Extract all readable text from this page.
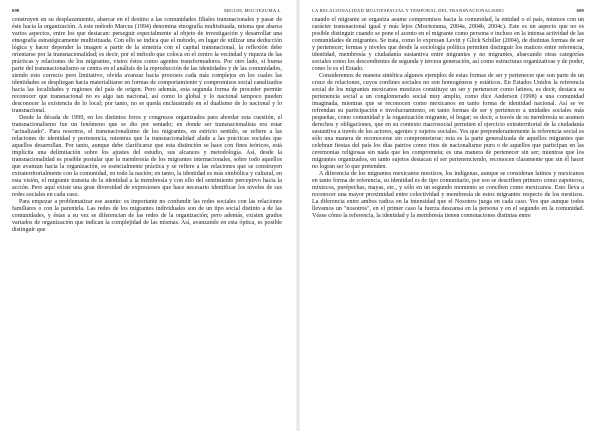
698	MIGUEL MOCTEZUMA L.

construyen en su desplazamiento, abarcar en el destino a las comunidades filiales transnacionales y pasar de éste hacia la organización. A este método Marcus (1994) denomina etnografía multisituada, misma que abarca varios aspectos, entre los que destacan: perseguir especialmente al objeto de investigación y desarrollar una etnografía estratégicamente multisituada. Con ello se indica que el método, en lugar de utilizar una deducción lógica y hacer depender la imagen a partir de la simetría con el capital transnacional, la reflexión debe orientarse por la transnacionalidad; es decir, por el método que coloca en el centro la vecindad y riqueza de las prácticas y relaciones de los migrantes, vistos éstos como agentes transformadores. Por otro lado, si buena parte del transnacionalismo se centra en el análisis de la reproducción de las identidades y de las comunidades, siendo esto correcto pero limitativo, olvida avanzar hacia procesos cada más complejos en los cuales las identidades se despliegan hacia materialitarse en formas de comportamiento y compromisos social canalizados hacia las localidades y regiones del país de origen. Pero además, esta segunda forma de proceder permite reconocer que transnacional no es algo tan nacional, así como lo global y lo nacional tampoco pueden desconocer la existencia de lo local; por tanto, no se queda enclaustrado en el dualismo de lo nacional y lo transnacional.

Desde la década de 1990, en los distintos foros y congresos organizados para abordar esta cuestión, el transnacionalismo fue un fenómeno que se dio por sentado; en donde ser transnacionalista era estar "actualizado". Para nosotros, el transnacionalismo de los migrantes, en estricto sentido, se refiere a las relaciones de identidad y pertenencia, mientras que la transnacionalidad alude a las prácticas sociales que aquellos desarrollan. Por tanto, aunque debe clarificarse que esta distinción se hace con fines teóricos, está implícita una delimitación sobre los ajustes del estudio, sus alcances y metodología. Así, desde la transnacionalidad es posible postular que la membresía de los migrantes internacionales, sobre todo aquellos que avanzan hacia la organización, es esencialmente práctica y se refiere a las relaciones que se construyen extraterritorialmente con la comunidad, en todo la nación; en tanto, la identidad es más simbólica y cultural, en esta visión, el migrante transita de la identidad a la membresía y con ello del sentimiento perceptivo hacia la acción. Pero aquí existe una gran diversidad de expresiones que hace necesario identificar los niveles de sus redes sociales en cada caso.

Para empezar a problematizar ese asunto: es importante no confundir las redes sociales con las relaciones familiares o con la parentela. Las redes de los migrantes individuales son de un tipo social distinto a de las comunidades, y éstas a su vez se diferencian de las redes de la organización; pero además, existen grados variados de organización que indican la complejidad de las mismas. Así, avanzando en esta óptica, es posible distinguir que

LA RELACIONALIDAD MULTIESPACIAL Y TEMPORAL DEL TRANSNACIONALISMO	699

cuando el migrante se organiza asume compromisos hacia la comunidad, la entidad o el país, mismos con un carácter transnacional igual y más lejos (Moctezuma, 2004a, 2004b, 2004c). Este es un aspecto que no es posible distinguir cuando se pone el acento en el migrante como persona o incluso en la intensa actividad de las comunidades de migrantes. Se trata, como lo expresan Levitt y Glick Schiller (2004), de distintas formas de ser y pertenecer; formas y niveles que desde la sociología política permiten distinguir los matices entre referencia, identidad, membresía y ciudadanía sustantiva entre migrantes y no migrantes, abarcando otras categorías sociales como los descendientes de segunda y tercera generación, así como estructuras organizativas y de poder, como lo es el Estado.

Consideremos de manera sintética algunos ejemplos de estas formas de ser y pertenecer que son parte de un cruce de relaciones, cuyos confines sociales no son homogéneos y estáticos. En Estados Unidos la referencia social de los migrantes mexicanos mestizos constituye un ser y pertenecer como latinos, es decir, destaca su pertenencia social a un conglomerado social muy amplio, como dice Anderson (1998) a una comunidad imaginada, mientras que se reconocen como mexicanos en tanto forma de identidad nacional. Así se ve refrendan su participación e involucramiento, en tanto formas de ser y pertenecer a unidades sociales más pequeñas, como comunidad y la organización migrante, el hogar; es decir, a través de su membresía se asumen derechos y obligaciones, que en su contexto macrosocial permiten el ejercicio extraterritorial de la ciudadanía sustantiva a través de los actores, agentes y sujetos sociales. Yes que preponderantemente la referencia social es sólo una manera de reconocerse sin comprometerse; esta es la parte generalizada de aquellos migrantes que celebran fiestas del país los días patrios como ritos de nacionalismo puro o de aquellos que participan en las ceremonias religiosas sin nada que les comprometa; es una manera de pertenecer sin ser; mientras que los migrantes organizados, en tanto sujetos destacan el ser pertenenciendo, reconocen claramente que sin él hacer no logran ser lo que pretenden.

A diferencia de los migrantes mexicanos mestizos, los indígenas, aunque se consideran latinos y mexicanos en tanto forma de referencia, su identidad es de tipo comunitario, por eso se describen primero como zapotecos, mixtecos, purépechas, mayas, etc., y sólo en un segundo momento se conciben como mexicanos. Esto lleva a reconocer una mayor proximidad entre colectividad y membresía de estos migrantes respecto de los mestizos. La diferencia entre ambos radica en la intensidad que el Nosotros juega en cada caso. Yes que aunque todos llevamos un "nosotros", en el primer caso la fuerza descansa en la persona y en el segundo en la comunidad. Véase cómo la referencia, la identidad y la membresía tienen connotaciones distintas entre
